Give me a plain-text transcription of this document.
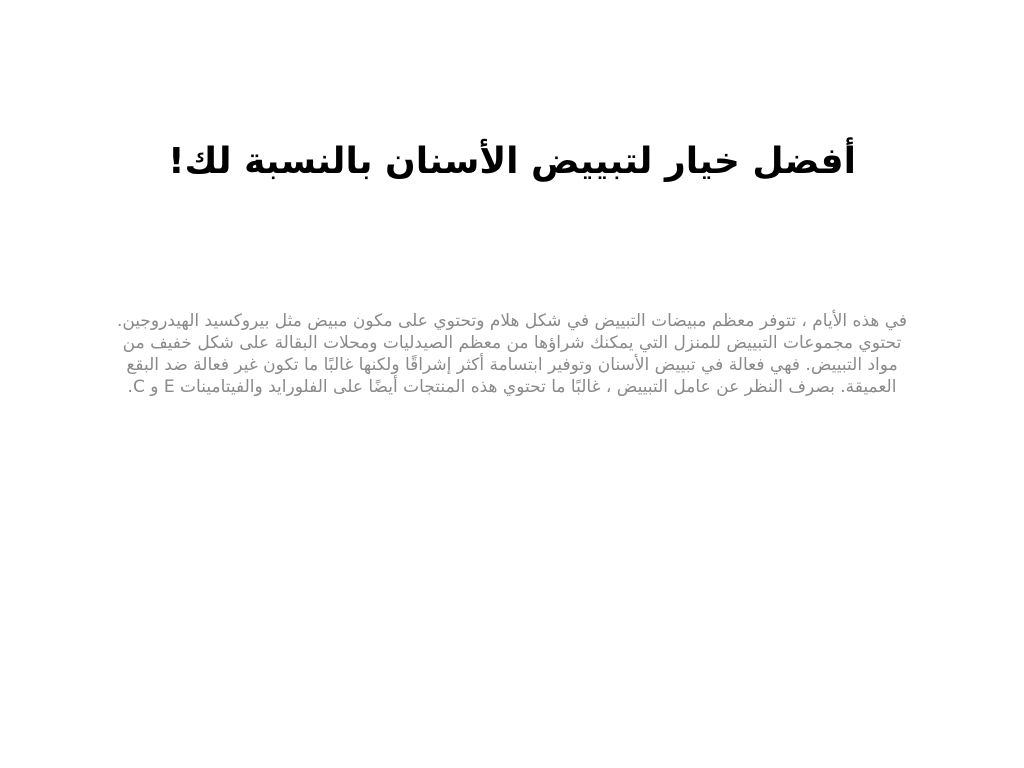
أفضل خيار لتبييض الأسنان بالنسبة لك!

في هذه الأيام ، تتوفر معظم مبيضات التبييض في شكل هلام وتحتوي على مكون مبيض مثل بيروكسيد الهيدروجين. تحتوي مجموعات التبييض للمنزل التي يمكنك شراؤها من معظم الصيدليات ومحلات البقالة على شكل خفيف من مواد التبييض. فهي فعالة في تبييض الأسنان وتوفير ابتسامة أكثر إشراقًا ولكنها غالبًا ما تكون غير فعالة ضد البقع العميقة. بصرف النظر عن عامل التبييض ، غالبًا ما تحتوي هذه المنتجات أيضًا على الفلورايد والفيتامينات E و C.
